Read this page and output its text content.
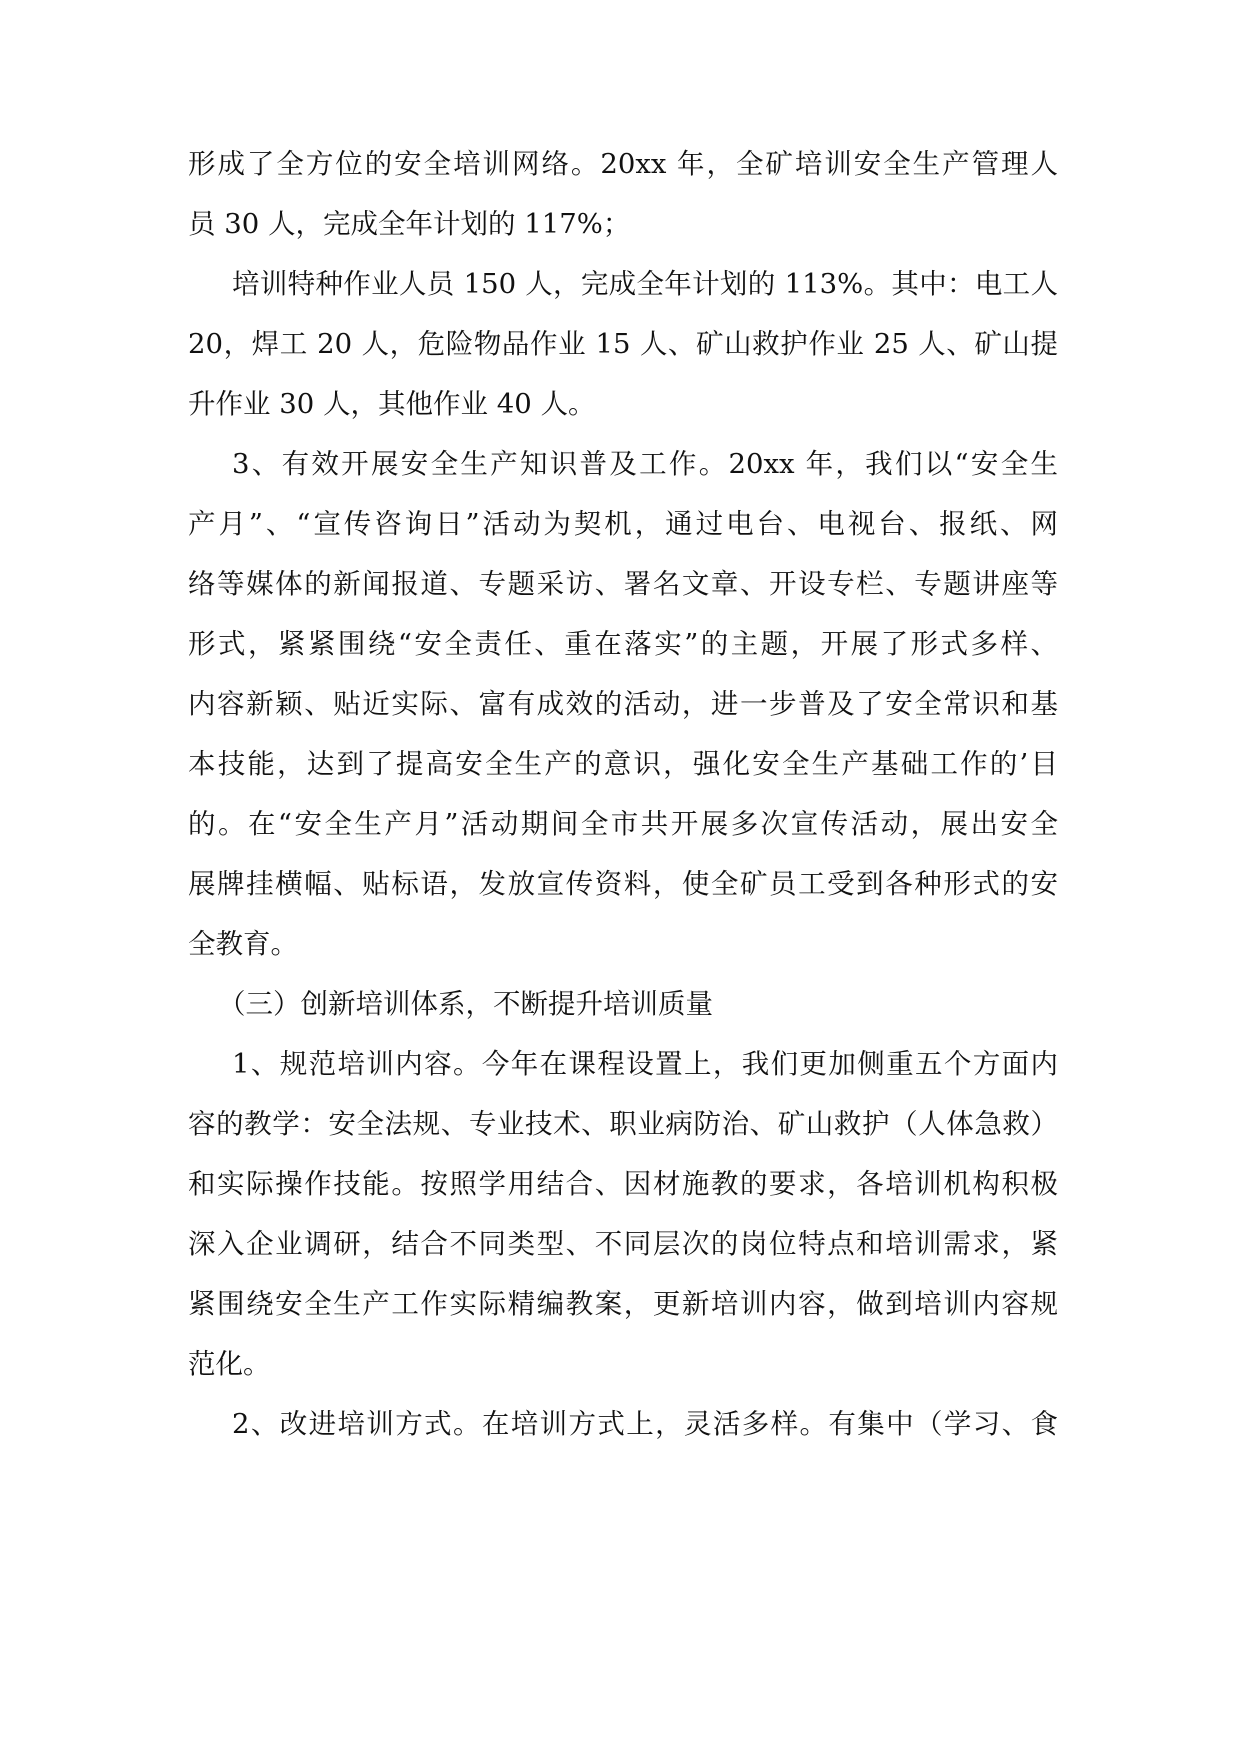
形成了全方位的安全培训网络。20xx 年，全矿培训安全生产管理人
员 30 人，完成全年计划的 117%；
培训特种作业人员 150 人，完成全年计划的 113%。其中：电工人
20，焊工 20 人，危险物品作业 15 人、矿山救护作业 25 人、矿山提
升作业 30 人，其他作业 40 人。
3、有效开展安全生产知识普及工作。20xx 年，我们以“安全生
产月”、“宣传咨询日”活动为契机，通过电台、电视台、报纸、网
络等媒体的新闻报道、专题采访、署名文章、开设专栏、专题讲座等
形式，紧紧围绕“安全责任、重在落实”的主题，开展了形式多样、
内容新颖、贴近实际、富有成效的活动，进一步普及了安全常识和基
本技能，达到了提高安全生产的意识，强化安全生产基础工作的’目
的。在“安全生产月”活动期间全市共开展多次宣传活动，展出安全
展牌挂横幅、贴标语，发放宣传资料，使全矿员工受到各种形式的安
全教育。
（三）创新培训体系，不断提升培训质量
1、规范培训内容。今年在课程设置上，我们更加侧重五个方面内
容的教学：安全法规、专业技术、职业病防治、矿山救护（人体急救）
和实际操作技能。按照学用结合、因材施教的要求，各培训机构积极
深入企业调研，结合不同类型、不同层次的岗位特点和培训需求，紧
紧围绕安全生产工作实际精编教案，更新培训内容，做到培训内容规
范化。
2、改进培训方式。在培训方式上，灵活多样。有集中（学习、食
